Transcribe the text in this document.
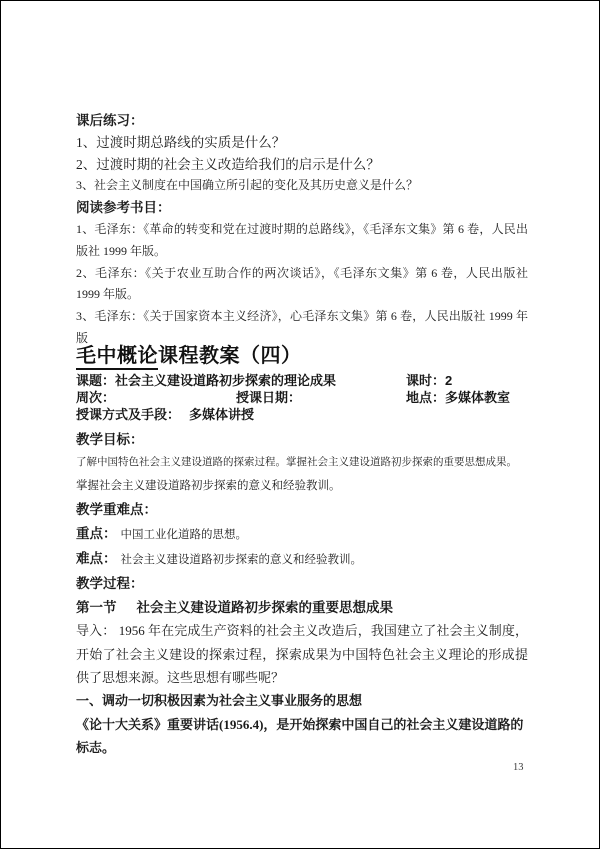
课后练习：
1、过渡时期总路线的实质是什么？
2、过渡时期的社会主义改造给我们的启示是什么？
3、社会主义制度在中国确立所引起的变化及其历史意义是什么？
阅读参考书目：
1、毛泽东：《革命的转变和党在过渡时期的总路线》，《毛泽东文集》第 6 卷，人民出版社 1999 年版。
2、毛泽东：《关于农业互助合作的两次谈话》，《毛泽东文集》第 6 卷，人民出版社 1999 年版。
3、毛泽东：《关于国家资本主义经济》，心毛泽东文集》第 6 卷，人民出版社 1999 年版
毛中概论课程教案（四）
课题：社会主义建设道路初步探索的理论成果	课时：2
周次：	授课日期：	地点：多媒体教室
授课方式及手段： 多媒体讲授
教学目标：
了解中国特色社会主义建设道路的探索过程。掌握社会主义建设道路初步探索的重要思想成果。
掌握社会主义建设道路初步探索的意义和经验教训。
教学重难点：
重点： 中国工业化道路的思想。
难点： 社会主义建设道路初步探索的意义和经验教训。
教学过程：
第一节 社会主义建设道路初步探索的重要思想成果
导入： 1956 年在完成生产资料的社会主义改造后，我国建立了社会主义制度，开始了社会主义建设的探索过程，探索成果为中国特色社会主义理论的形成提供了思想来源。这些思想有哪些呢？
一、调动一切积极因素为社会主义事业服务的思想
《论十大关系》重要讲话(1956.4)，是开始探索中国自己的社会主义建设道路的标志。
13
